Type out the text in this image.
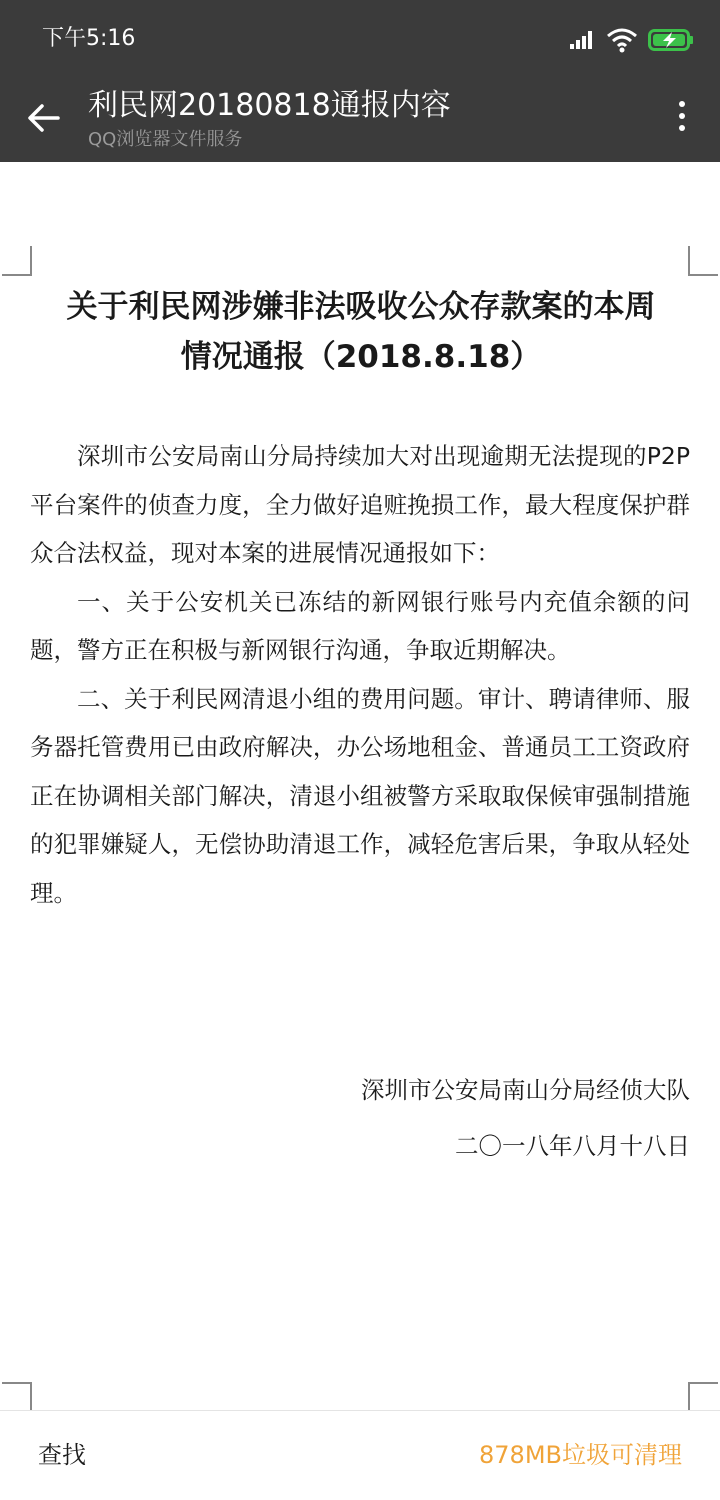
下午5:16
利民网20180818通报内容
QQ浏览器文件服务
关于利民网涉嫌非法吸收公众存款案的本周
情况通报（2018.8.18）

深圳市公安局南山分局持续加大对出现逾期无法提现的P2P平台案件的侦查力度，全力做好追赃挽损工作，最大程度保护群众合法权益，现对本案的进展情况通报如下：

一、关于公安机关已冻结的新网银行账号内充值余额的问题，警方正在积极与新网银行沟通，争取近期解决。

二、关于利民网清退小组的费用问题。审计、聘请律师、服务器托管费用已由政府解决，办公场地租金、普通员工工资政府正在协调相关部门解决，清退小组被警方采取取保候审强制措施的犯罪嫌疑人，无偿协助清退工作，减轻危害后果，争取从轻处理。

深圳市公安局南山分局经侦大队
二〇一八年八月十八日
查找	878MB垃圾可清理
